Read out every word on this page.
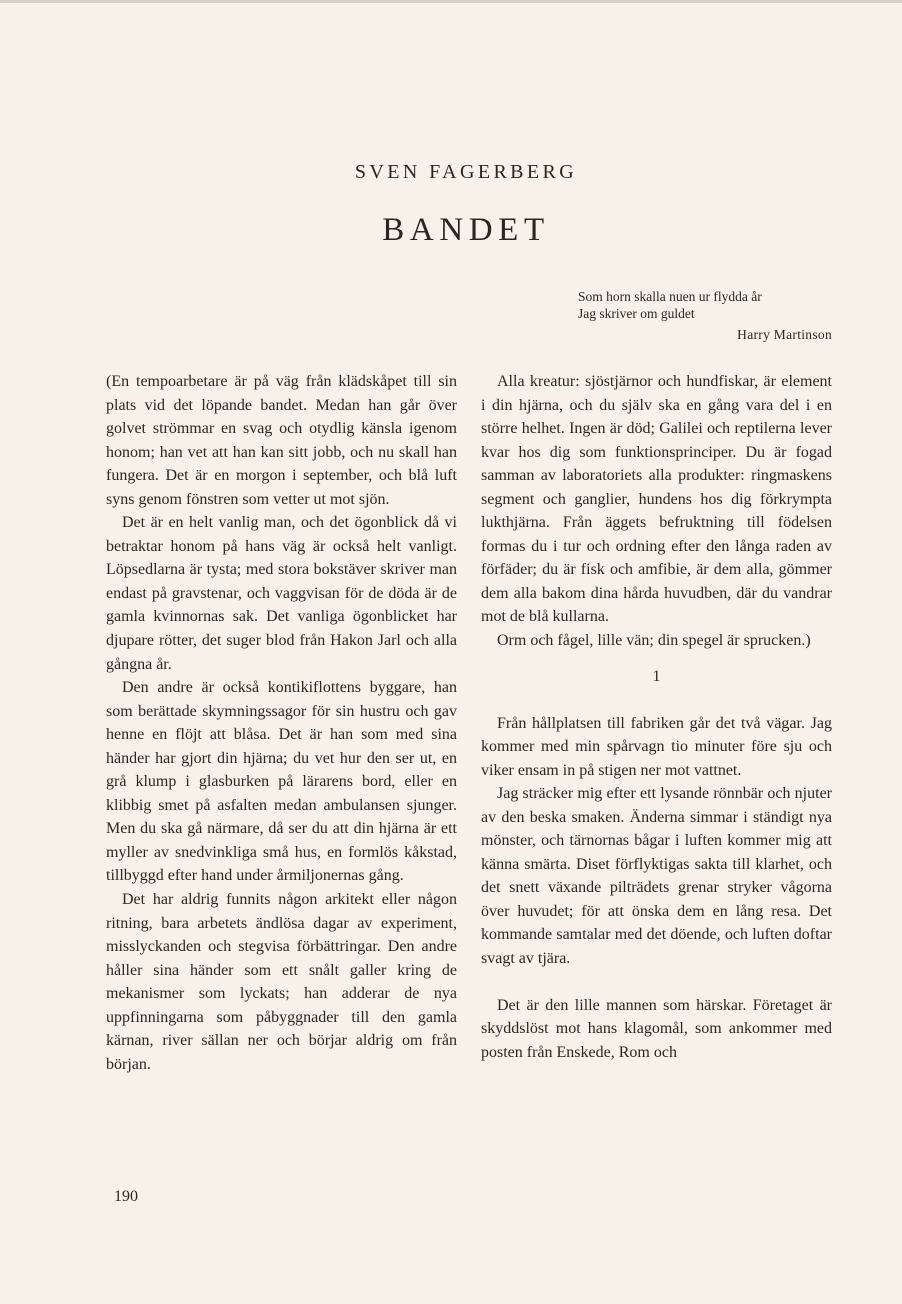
SVEN FAGERBERG
BANDET
Som horn skalla nuen ur flydda år
Jag skriver om guldet
Harry Martinson

(En tempoarbetare är på väg från klädskåpet till sin plats vid det löpande bandet. Medan han går över golvet strömmar en svag och otydlig känsla igenom honom; han vet att han kan sitt jobb, och nu skall han fungera. Det är en morgon i september, och blå luft syns genom fönstren som vetter ut mot sjön.

Det är en helt vanlig man, och det ögonblick då vi betraktar honom på hans väg är också helt vanligt. Löpsedlarna är tysta; med stora bokstäver skriver man endast på gravstenar, och vaggvisan för de döda är de gamla kvinnornas sak. Det vanliga ögonblicket har djupare rötter, det suger blod från Hakon Jarl och alla gångna år.

Den andre är också kontikiflottens byggare, han som berättade skymningssagor för sin hustru och gav henne en flöjt att blåsa. Det är han som med sina händer har gjort din hjärna; du vet hur den ser ut, en grå klump i glasburken på lärarens bord, eller en klibbig smet på asfalten medan ambulansen sjunger. Men du ska gå närmare, då ser du att din hjärna är ett myller av snedvinkliga små hus, en formlös kåkstad, tillbyggd efter hand under årmiljonernas gång.

Det har aldrig funnits någon arkitekt eller någon ritning, bara arbetets ändlösa dagar av experiment, misslyckanden och stegvisa förbättringar. Den andre håller sina händer som ett snålt galler kring de mekanismer som lyckats; han adderar de nya uppfinningarna som påbyggnader till den gamla kärnan, river sällan ner och börjar aldrig om från början.

Alla kreatur: sjöstjärnor och hundfiskar, är element i din hjärna, och du själv ska en gång vara del i en större helhet. Ingen är död; Galilei och reptilerna lever kvar hos dig som funktionsprinciper. Du är fogad samman av laboratoriets alla produkter: ringmaskens segment och ganglier, hundens hos dig förkrympta lukthjärna. Från äggets befruktning till födelsen formas du i tur och ordning efter den långa raden av förfäder; du är fisk och amfibie, är dem alla, gömmer dem alla bakom dina hårda huvudben, där du vandrar mot de blå kullarna.

Orm och fågel, lille vän; din spegel är sprucken.)

1

Från hållplatsen till fabriken går det två vägar. Jag kommer med min spårvagn tio minuter före sju och viker ensam in på stigen ner mot vattnet.

Jag sträcker mig efter ett lysande rönnbär och njuter av den beska smaken. Änderna simmar i ständigt nya mönster, och tärnornas bågar i luften kommer mig att känna smärta. Diset förflyktigas sakta till klarhet, och det snett växande pilträdets grenar stryker vågorna över huvudet; för att önska dem en lång resa. Det kommande samtalar med det döende, och luften doftar svagt av tjära.

Det är den lille mannen som härskar. Företaget är skyddslöst mot hans klagomål, som ankommer med posten från Enskede, Rom och

190
